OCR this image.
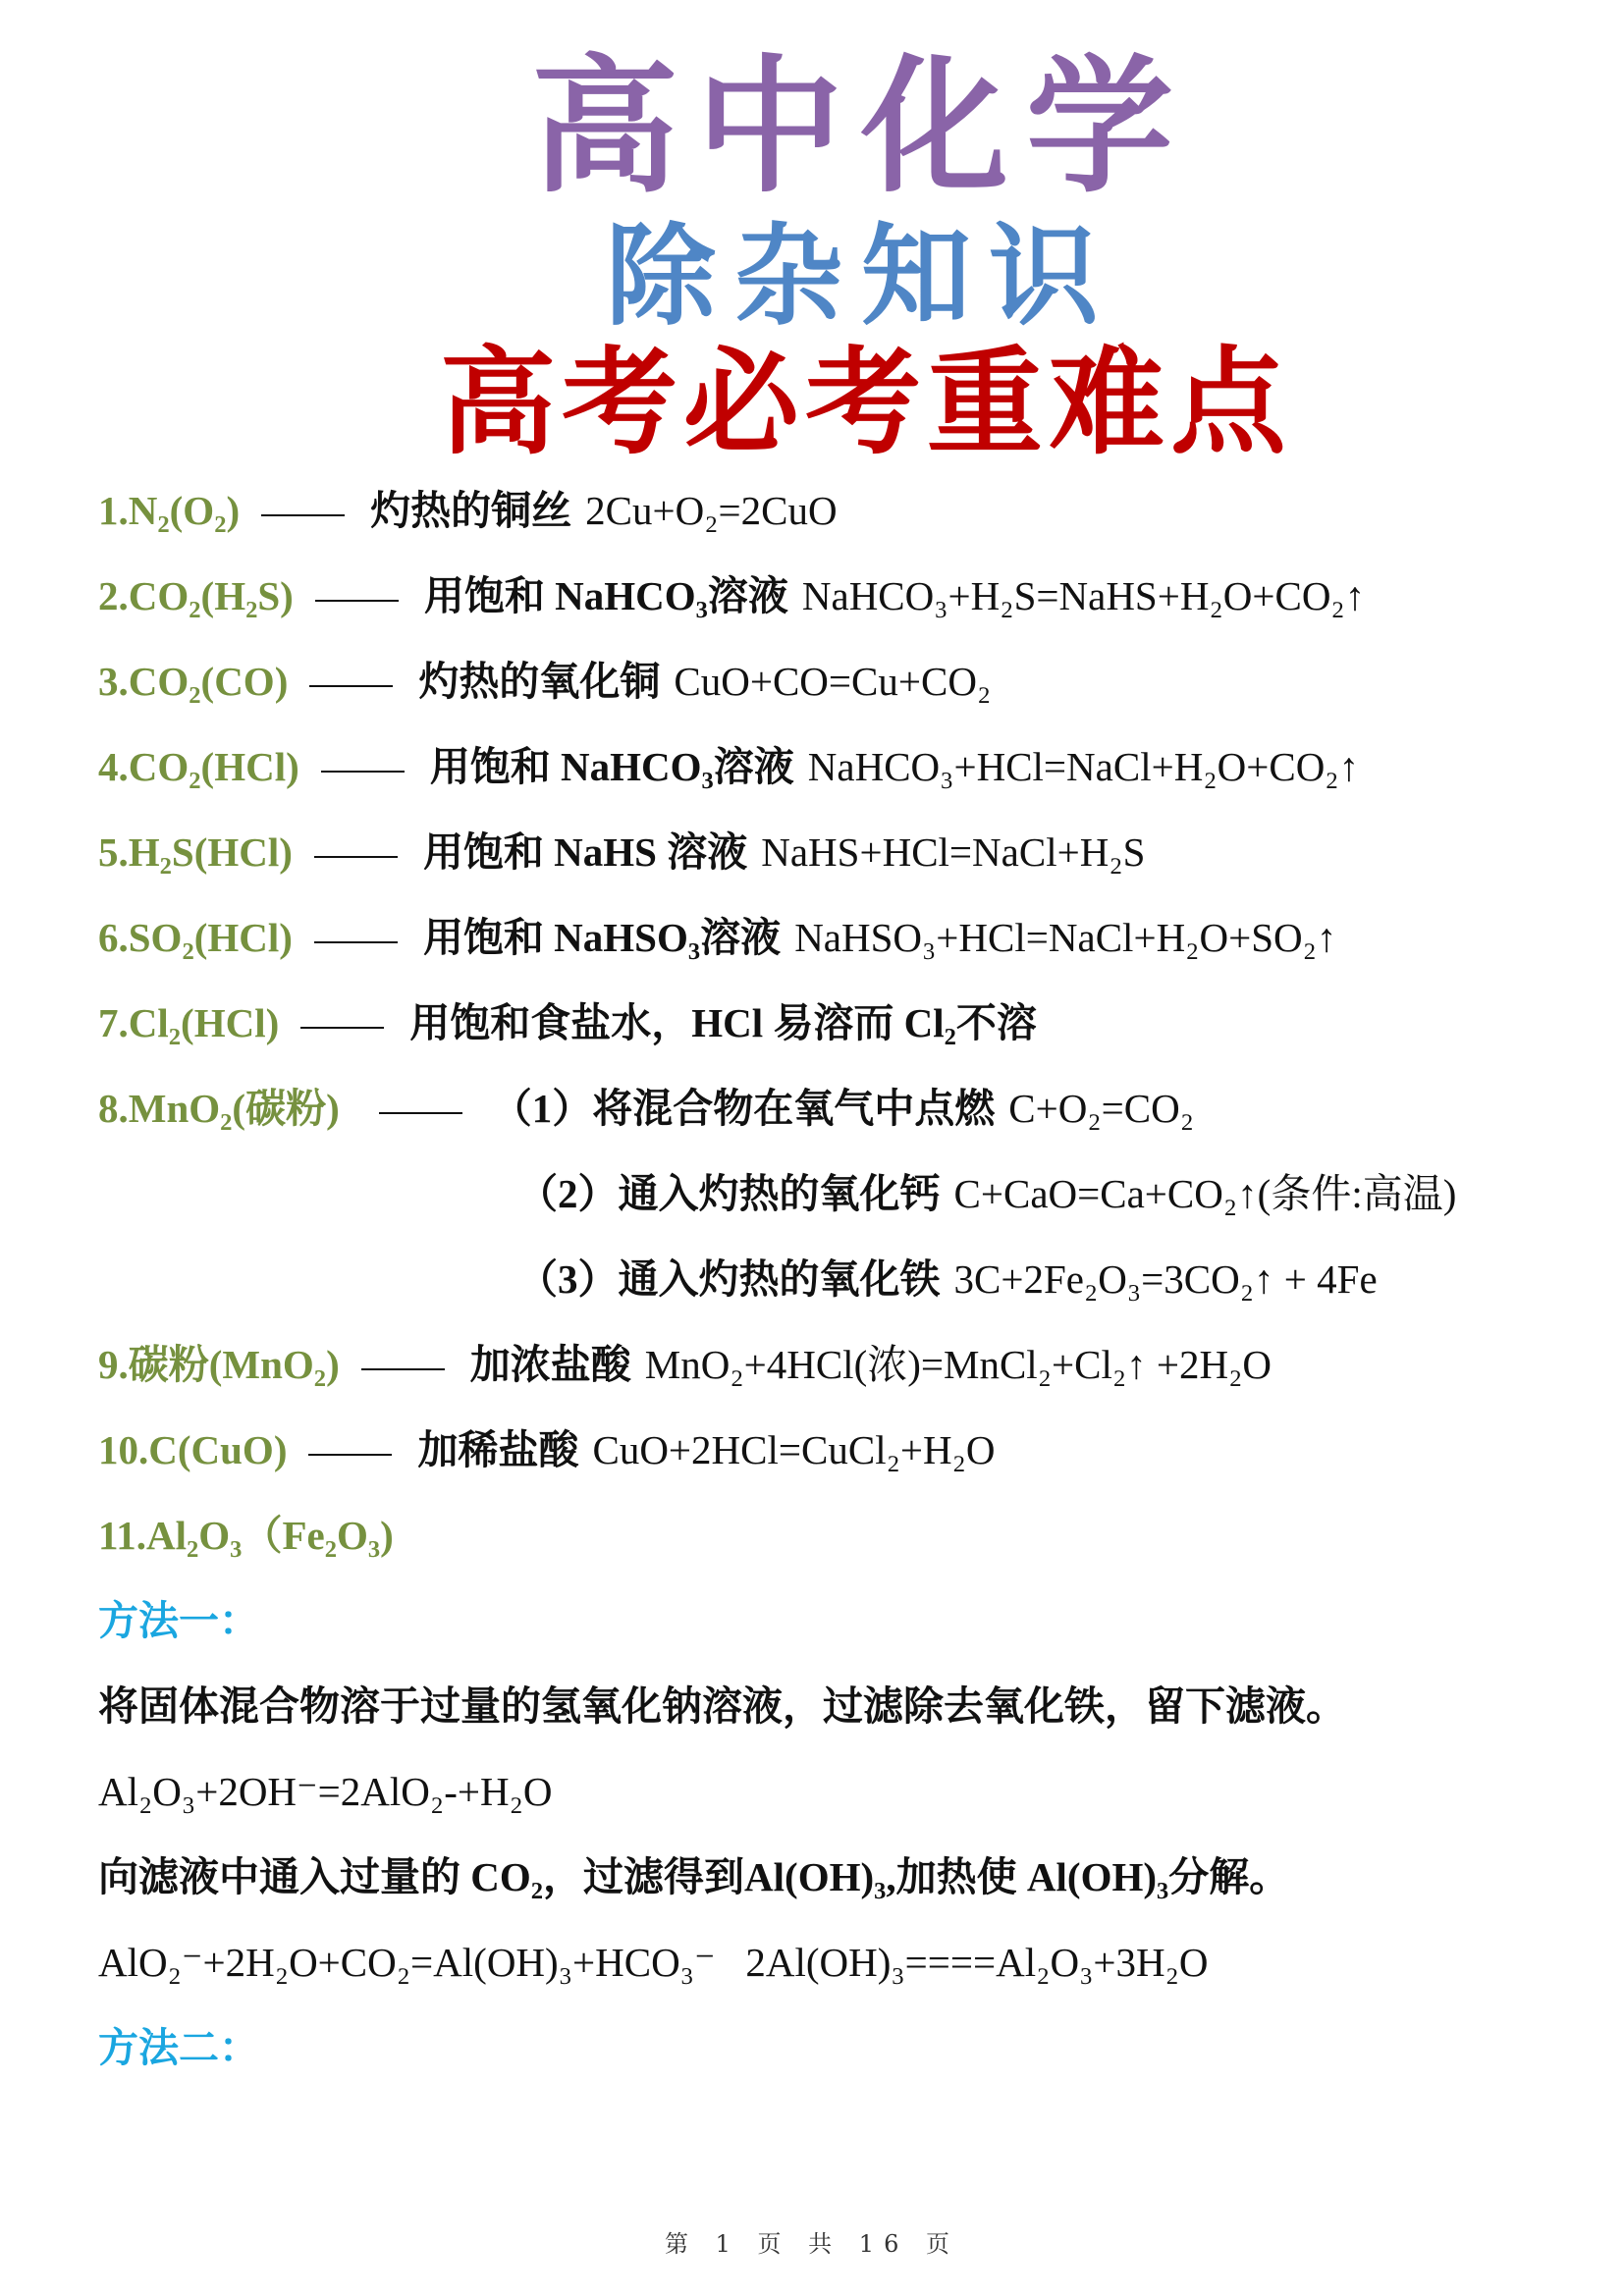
高中化学
除杂知识
高考必考重难点
1.N₂(O₂)	灼热的铜丝 2Cu+O₂=2CuO
2.CO₂(H₂S)	用饱和 NaHCO₃溶液 NaHCO₃+H₂S=NaHS+H₂O+CO₂↑
3.CO₂(CO)	灼热的氧化铜 CuO+CO=Cu+CO₂
4.CO₂(HCl)	用饱和 NaHCO₃溶液 NaHCO₃+HCl=NaCl+H₂O+CO₂↑
5.H₂S(HCl)	用饱和 NaHS 溶液 NaHS+HCl=NaCl+H₂S
6.SO₂(HCl)	用饱和 NaHSO₃溶液 NaHSO₃+HCl=NaCl+H₂O+SO₂↑
7.Cl₂(HCl)	用饱和食盐水，HCl 易溶而 Cl₂不溶
8.MnO₂(碳粉)	（1）将混合物在氧气中点燃 C+O₂=CO₂
（2）通入灼热的氧化钙 C+CaO=Ca+CO₂↑(条件:高温)
（3）通入灼热的氧化铁 3C+2Fe₂O₃=3CO₂↑ + 4Fe
9.碳粉(MnO₂)	加浓盐酸 MnO₂+4HCl(浓)=MnCl₂+Cl₂↑ +2H₂O
10.C(CuO)	加稀盐酸 CuO+2HCl=CuCl₂+H₂O
11.Al₂O₃（Fe₂O₃)
方法一：
将固体混合物溶于过量的氢氧化钠溶液，过滤除去氧化铁，留下滤液。
Al₂O₃+2OH⁻=2AlO₂-+H₂O
向滤液中通入过量的 CO₂，过滤得到Al(OH)₃,加热使 Al(OH)₃分解。
AlO₂⁻+2H₂O+CO₂=Al(OH)₃+HCO₃⁻   2Al(OH)₃====Al₂O₃+3H₂O
方法二：
第 1 页 共 16 页
